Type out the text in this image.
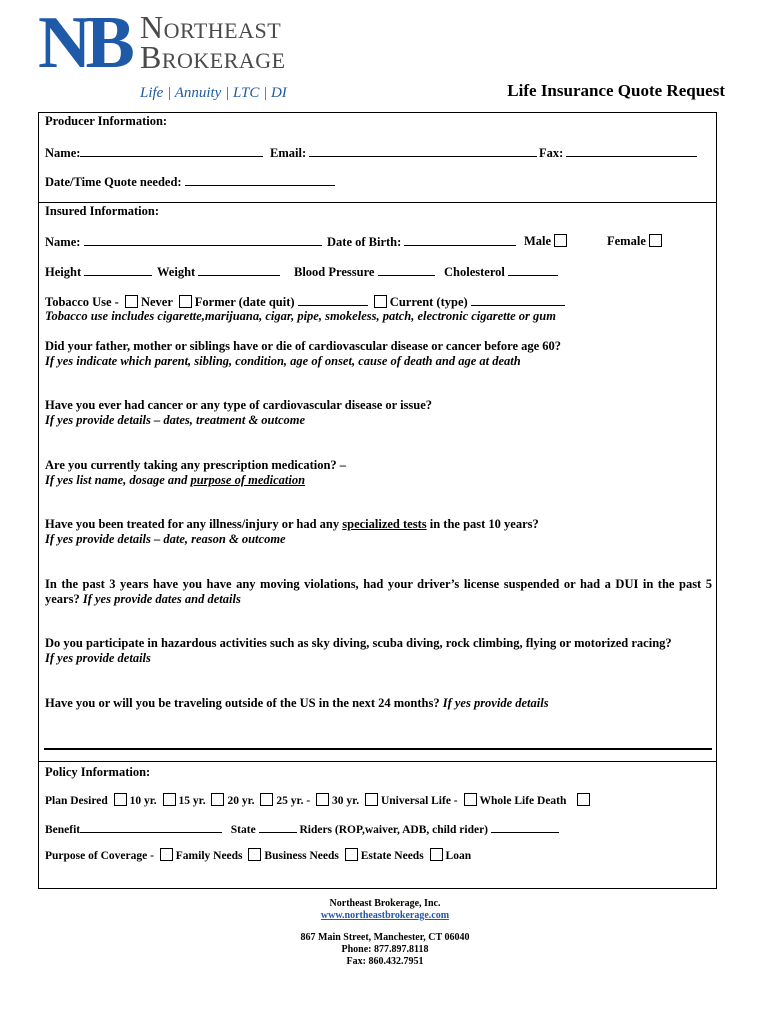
NB Northeast
Brokerage
Life | Annuity | LTC | DI	Life Insurance Quote Request
Producer Information:
Name:	Email:	Fax:
Date/Time Quote needed:
Insured Information:
Name:	Date of Birth:	Male	Female
Height	Weight	Blood Pressure	Cholesterol
Tobacco Use - Never Former (date quit)	Current (type)
Tobacco use includes cigarette,marijuana, cigar, pipe, smokeless, patch, electronic cigarette or gum
Did your father, mother or siblings have or die of cardiovascular disease or cancer before age 60?
If yes indicate which parent, sibling, condition, age of onset, cause of death and age at death
Have you ever had cancer or any type of cardiovascular disease or issue?
If yes provide details – dates, treatment & outcome
Are you currently taking any prescription medication? –
If yes list name, dosage and purpose of medication
Have you been treated for any illness/injury or had any specialized tests in the past 10 years?
If yes provide details – date, reason & outcome
In the past 3 years have you have any moving violations, had your driver’s license suspended or had a DUI in the past 5
years? If yes provide dates and details
Do you participate in hazardous activities such as sky diving, scuba diving, rock climbing, flying or motorized racing?
If yes provide details
Have you or will you be traveling outside of the US in the next 24 months? If yes provide details
Policy Information:
Plan Desired 10 yr. 15 yr. 20 yr. 25 yr. - 30 yr. Universal Life - Whole Life Death
Benefit	State	Riders (ROP,waiver, ADB, child rider)
Purpose of Coverage - Family Needs Business Needs Estate Needs Loan
Northeast Brokerage, Inc.
www.northeastbrokerage.com
867 Main Street, Manchester, CT 06040
Phone: 877.897.8118
Fax: 860.432.7951
